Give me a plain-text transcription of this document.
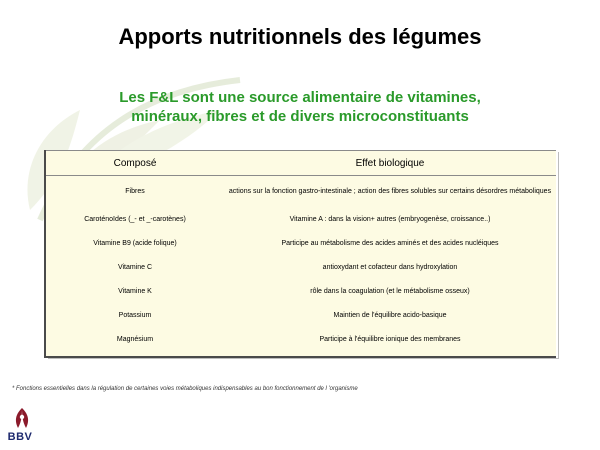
Apports nutritionnels des légumes
Les F&L sont une source alimentaire de vitamines,
minéraux, fibres et de divers microconstituants
Composé	Effet biologique
Fibres	actions sur la fonction gastro-intestinale ; action des fibres solubles sur certains désordres métaboliques
Caroténoïdes (_- et _-carotènes)	Vitamine A : dans la vision+ autres (embryogenèse, croissance..)
Vitamine B9 (acide folique)	Participe au métabolisme des acides aminés et des acides nucléiques
Vitamine C	antioxydant et cofacteur dans hydroxylation
Vitamine K	rôle dans la coagulation (et le métabolisme osseux)
Potassium	Maintien de l'équilibre acido-basique
Magnésium	Participe à l'équilibre ionique des membranes
* Fonctions essentielles dans la régulation de certaines voies métaboliques indispensables au bon fonctionnement de l 'organisme
BBV
